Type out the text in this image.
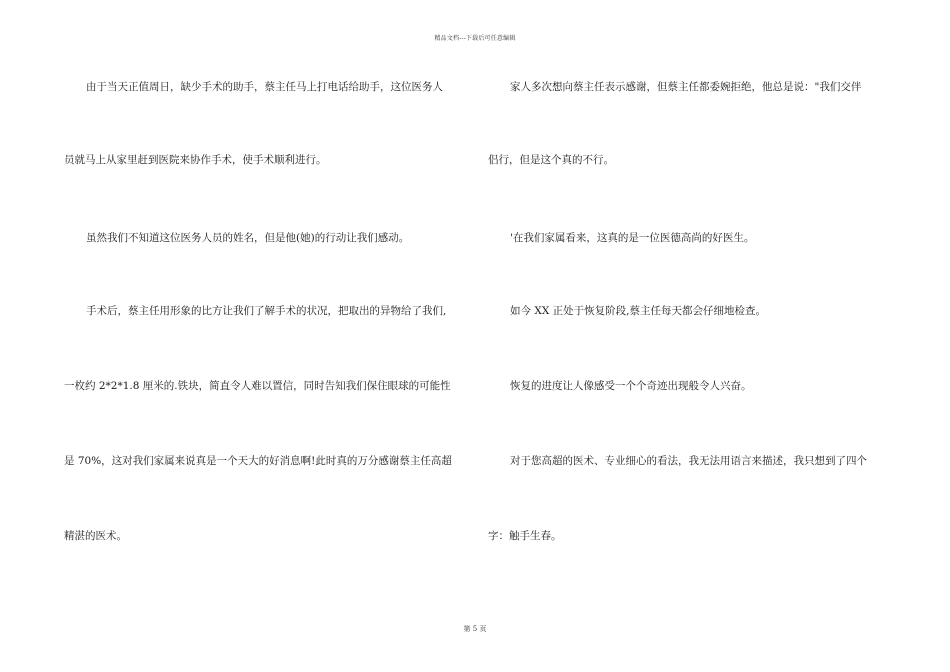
精品文档---下载后可任意编辑
由于当天正值周日，缺少手术的助手，蔡主任马上打电话给助手，这位医务人
员就马上从家里赶到医院来协作手术，使手术顺利进行。
虽然我们不知道这位医务人员的姓名，但是他(她)的行动让我们感动。
手术后，蔡主任用形象的比方让我们了解手术的状况，把取出的异物给了我们,
一枚约 2*2*1.8 厘米的.铁块，简直令人难以置信，同时告知我们保住眼球的可能性
是 70%，这对我们家属来说真是一个天大的好消息啊!此时真的万分感谢蔡主任高超
精湛的医术。
家人多次想向蔡主任表示感谢，但蔡主任都委婉拒绝，他总是说："我们交伴
侣行，但是这个真的不行。
'在我们家属看来，这真的是一位医德高尚的好医生。
如今 XX 正处于恢复阶段,蔡主任每天都会仔细地检查。
恢复的进度让人像感受一个个奇迹出现般令人兴奋。
对于您高超的医术、专业细心的看法，我无法用语言来描述，我只想到了四个
字：触手生春。
第 5 页
